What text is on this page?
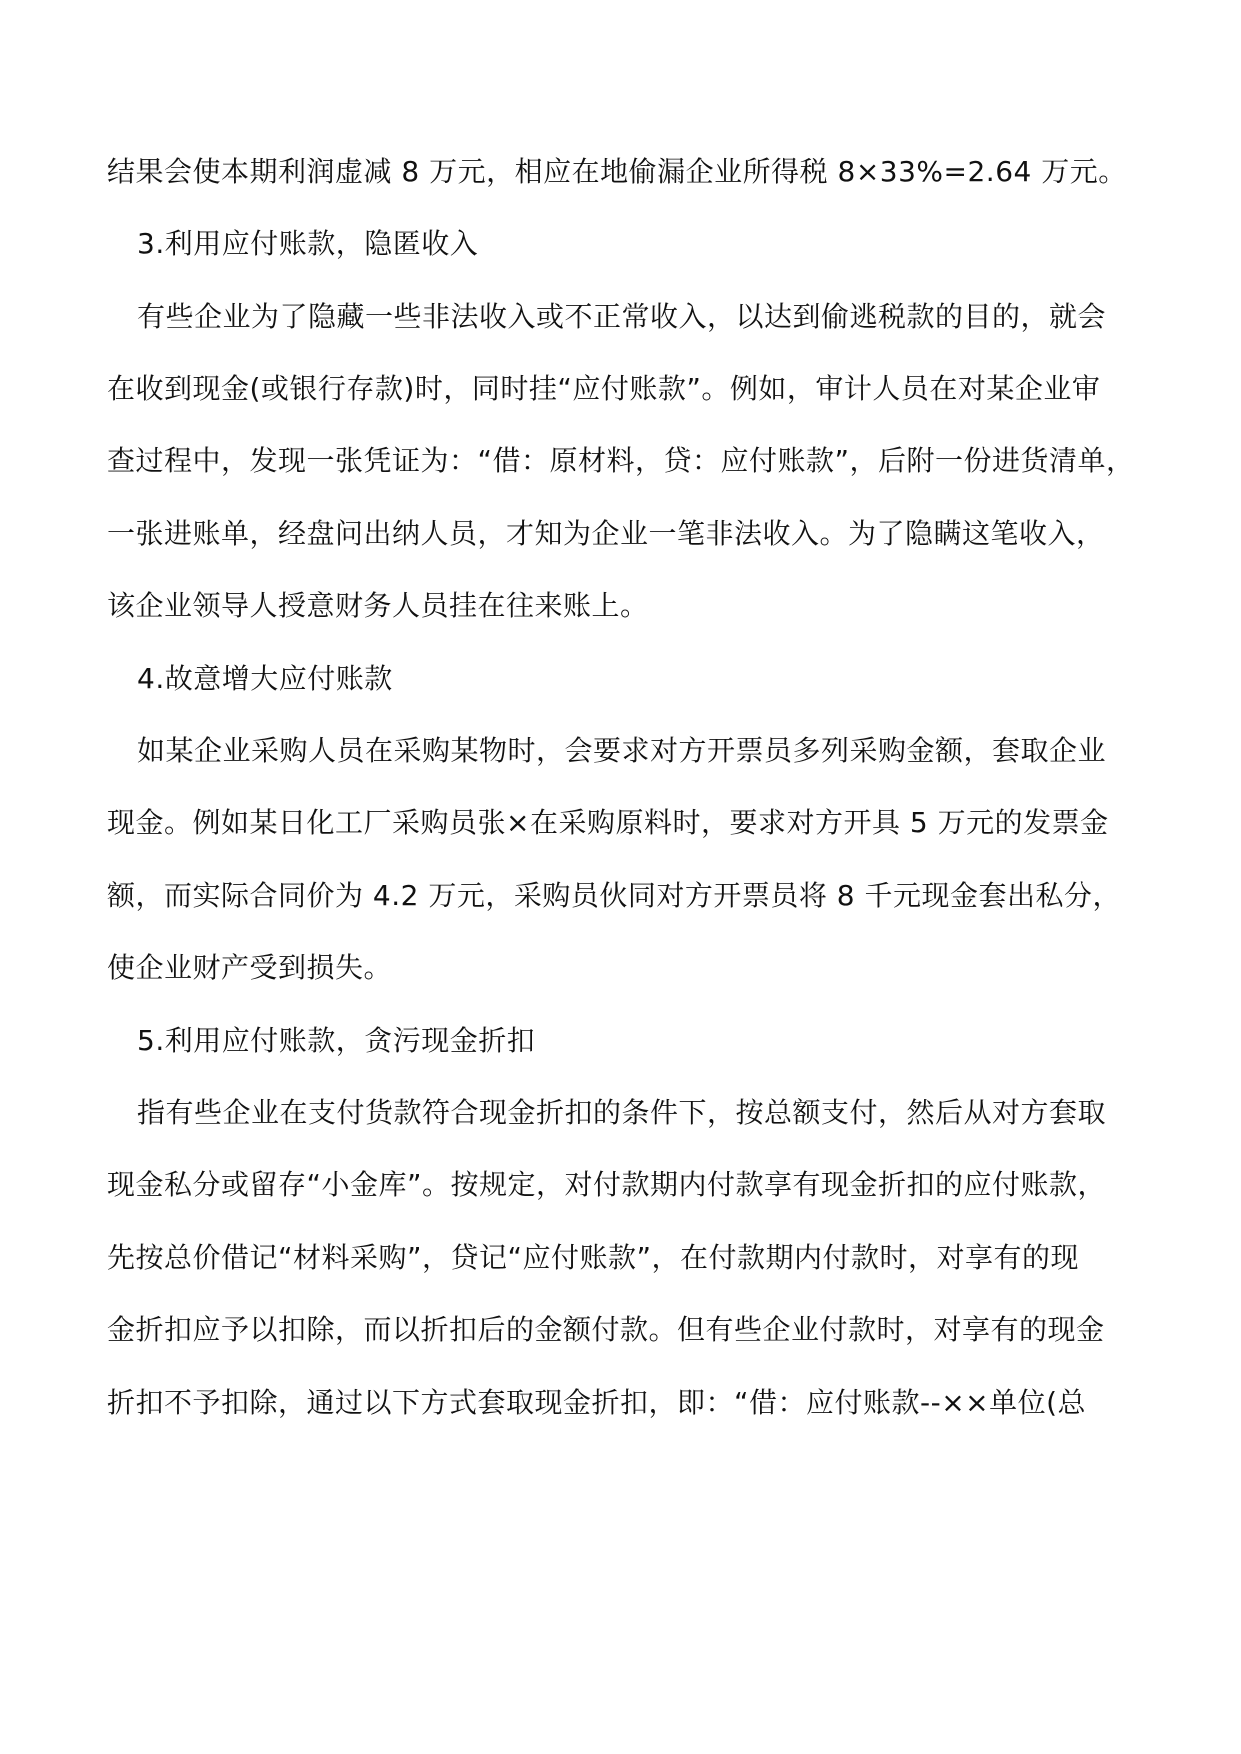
结果会使本期利润虚减 8 万元，相应在地偷漏企业所得税 8×33%=2.64 万元。
3.利用应付账款，隐匿收入
有些企业为了隐藏一些非法收入或不正常收入，以达到偷逃税款的目的，就会
在收到现金(或银行存款)时，同时挂“应付账款”。例如，审计人员在对某企业审
查过程中，发现一张凭证为：“借：原材料，贷：应付账款”，后附一份进货清单，
一张进账单，经盘问出纳人员，才知为企业一笔非法收入。为了隐瞒这笔收入，
该企业领导人授意财务人员挂在往来账上。
4.故意增大应付账款
如某企业采购人员在采购某物时，会要求对方开票员多列采购金额，套取企业
现金。例如某日化工厂采购员张×在采购原料时，要求对方开具 5 万元的发票金
额，而实际合同价为 4.2 万元，采购员伙同对方开票员将 8 千元现金套出私分，
使企业财产受到损失。
5.利用应付账款，贪污现金折扣
指有些企业在支付货款符合现金折扣的条件下，按总额支付，然后从对方套取
现金私分或留存“小金库”。按规定，对付款期内付款享有现金折扣的应付账款，
先按总价借记“材料采购”，贷记“应付账款”，在付款期内付款时，对享有的现
金折扣应予以扣除，而以折扣后的金额付款。但有些企业付款时，对享有的现金
折扣不予扣除，通过以下方式套取现金折扣，即：“借：应付账款--××单位(总
